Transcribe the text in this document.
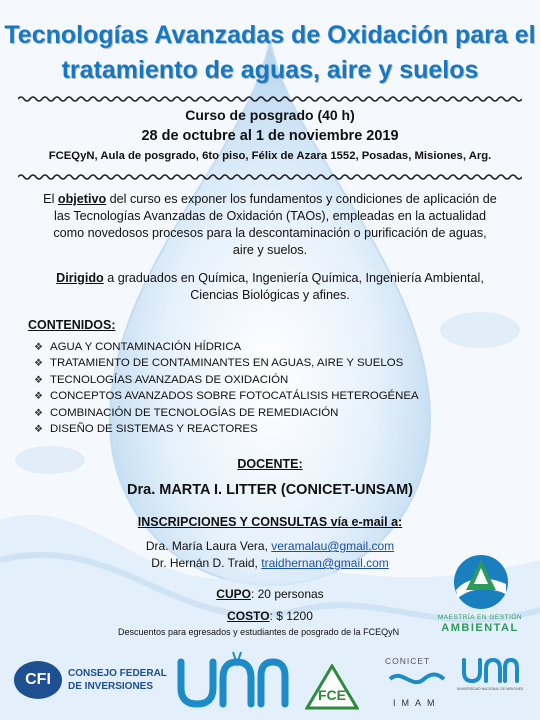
Tecnologías Avanzadas de Oxidación para el
tratamiento de aguas, aire y suelos
Curso de posgrado (40 h)
28 de octubre al 1 de noviembre 2019
FCEQyN, Aula de posgrado, 6to piso, Félix de Azara 1552, Posadas, Misiones, Arg.
El objetivo del curso es exponer los fundamentos y condiciones de aplicación de
las Tecnologías Avanzadas de Oxidación (TAOs), empleadas en la actualidad
como novedosos procesos para la descontaminación o purificación de aguas,
aire y suelos.
Dirigido a graduados en Química, Ingeniería Química, Ingeniería Ambiental,
Ciencias Biológicas y afines.
CONTENIDOS:
❖ AGUA Y CONTAMINACIÓN HÍDRICA
❖ TRATAMIENTO DE CONTAMINANTES EN AGUAS, AIRE Y SUELOS
❖ TECNOLOGÍAS AVANZADAS DE OXIDACIÓN
❖ CONCEPTOS AVANZADOS SOBRE FOTOCATÁLISIS HETEROGÉNEA
❖ COMBINACIÓN DE TECNOLOGÍAS DE REMEDIACIÓN
❖ DISEÑO DE SISTEMAS Y REACTORES
DOCENTE:
Dra. MARTA I. LITTER (CONICET-UNSAM)
INSCRIPCIONES Y CONSULTAS vía e-mail a:
Dra. María Laura Vera, veramalau@gmail.com
Dr. Hernán D. Traid, traidhernan@gmail.com
CUPO: 20 personas
COSTO: $ 1200
Descuentos para egresados y estudiantes de posgrado de la FCEQyN
MAESTRÍA EN GESTIÓN
AMBIENTAL
CFI	CONSEJO FEDERAL
DE INVERSIONES
FCE
CONICET
IMAM
UNIVERSIDAD NACIONAL DE MISIONES
